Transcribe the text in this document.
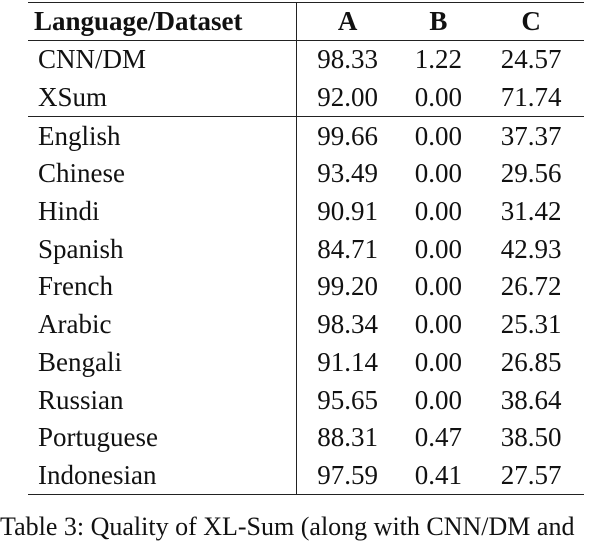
Language/Dataset	A	B	C
CNN/DM	98.33	1.22	24.57
XSum	92.00	0.00	71.74
English	99.66	0.00	37.37
Chinese	93.49	0.00	29.56
Hindi	90.91	0.00	31.42
Spanish	84.71	0.00	42.93
French	99.20	0.00	26.72
Arabic	98.34	0.00	25.31
Bengali	91.14	0.00	26.85
Russian	95.65	0.00	38.64
Portuguese	88.31	0.47	38.50
Indonesian	97.59	0.41	27.57
Table 3: Quality of XL-Sum (along with CNN/DM and
